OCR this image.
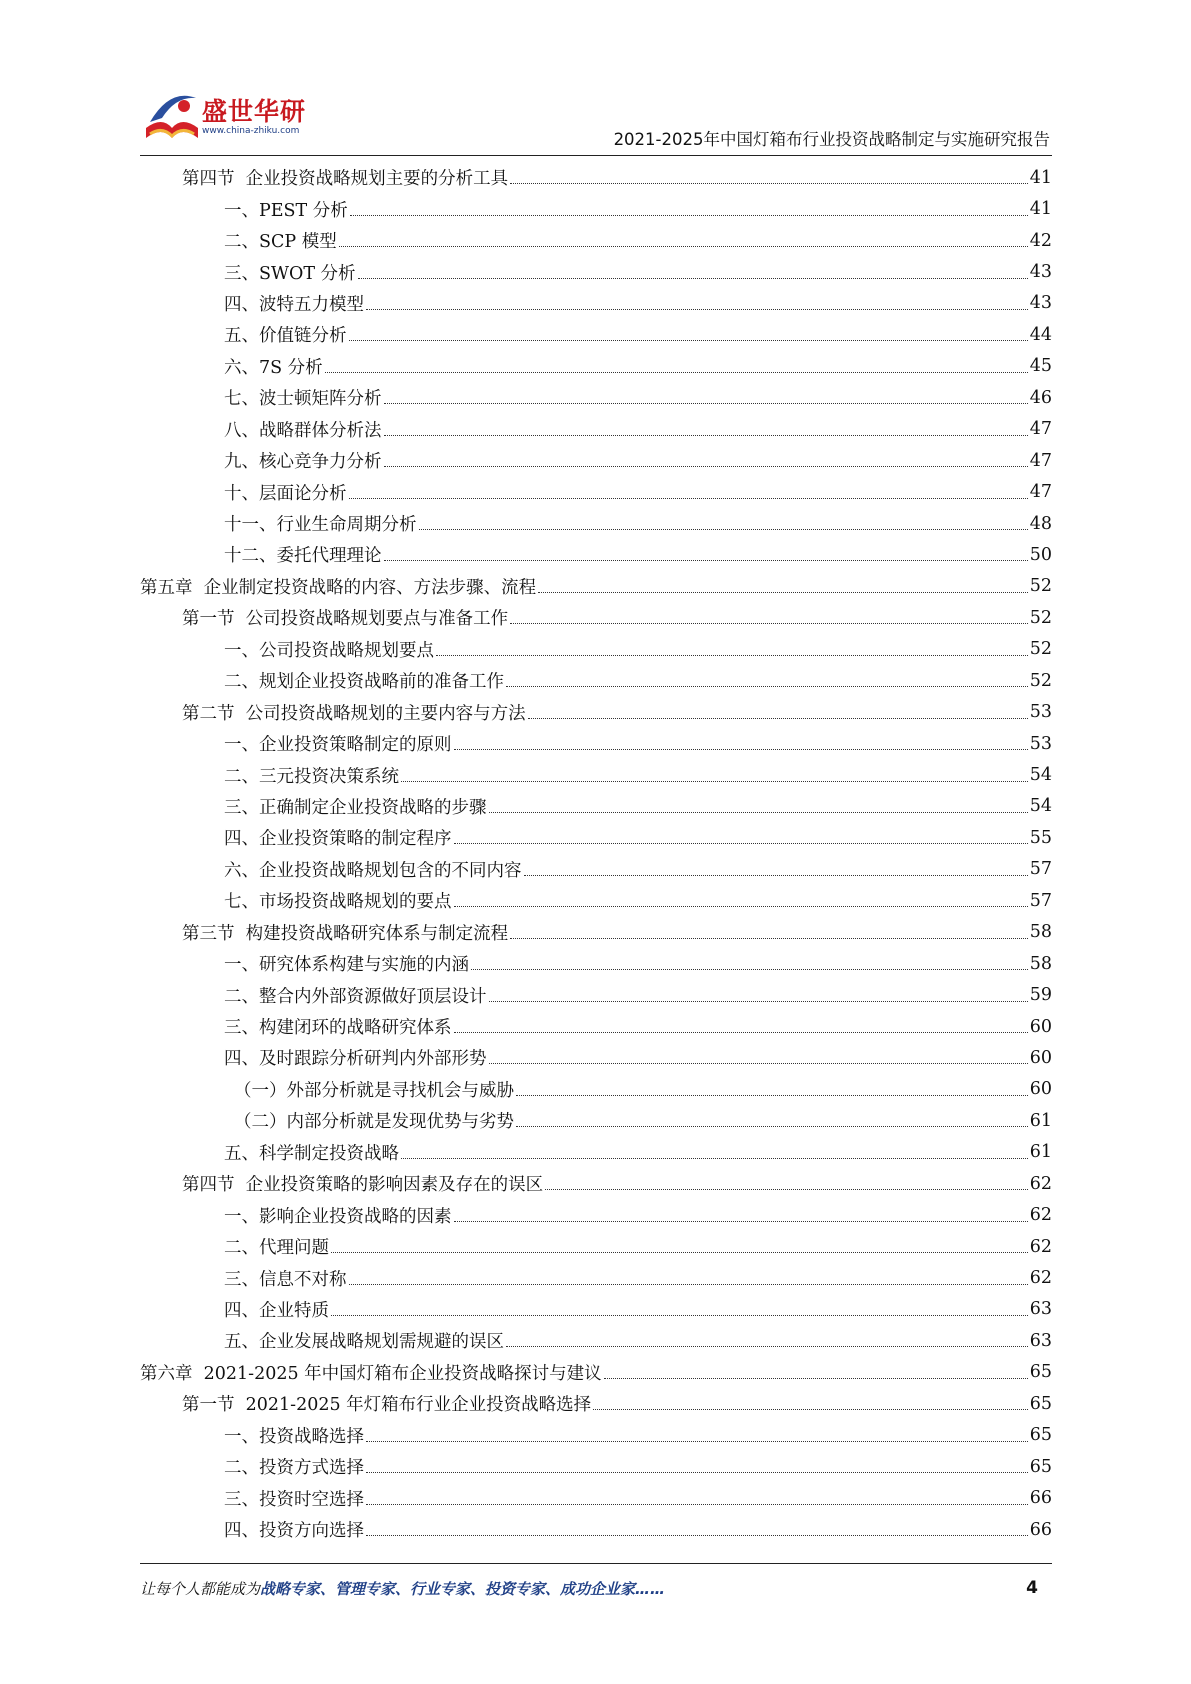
盛世华研
www.china-zhiku.com	2021-2025年中国灯箱布行业投资战略制定与实施研究报告
第四节  企业投资战略规划主要的分析工具	41
一、PEST 分析	41
二、SCP 模型	42
三、SWOT 分析	43
四、波特五力模型	43
五、价值链分析	44
六、7S 分析	45
七、波士顿矩阵分析	46
八、战略群体分析法	47
九、核心竞争力分析	47
十、层面论分析	47
十一、行业生命周期分析	48
十二、委托代理理论	50
第五章  企业制定投资战略的内容、方法步骤、流程	52
第一节  公司投资战略规划要点与准备工作	52
一、公司投资战略规划要点	52
二、规划企业投资战略前的准备工作	52
第二节  公司投资战略规划的主要内容与方法	53
一、企业投资策略制定的原则	53
二、三元投资决策系统	54
三、正确制定企业投资战略的步骤	54
四、企业投资策略的制定程序	55
六、企业投资战略规划包含的不同内容	57
七、市场投资战略规划的要点	57
第三节  构建投资战略研究体系与制定流程	58
一、研究体系构建与实施的内涵	58
二、整合内外部资源做好顶层设计	59
三、构建闭环的战略研究体系	60
四、及时跟踪分析研判内外部形势	60
（一）外部分析就是寻找机会与威胁	60
（二）内部分析就是发现优势与劣势	61
五、科学制定投资战略	61
第四节  企业投资策略的影响因素及存在的误区	62
一、影响企业投资战略的因素	62
二、代理问题	62
三、信息不对称	62
四、企业特质	63
五、企业发展战略规划需规避的误区	63
第六章  2021-2025 年中国灯箱布企业投资战略探讨与建议	65
第一节  2021-2025 年灯箱布行业企业投资战略选择	65
一、投资战略选择	65
二、投资方式选择	65
三、投资时空选择	66
四、投资方向选择	66
让每个人都能成为战略专家、管理专家、行业专家、投资专家、成功企业家……	4
